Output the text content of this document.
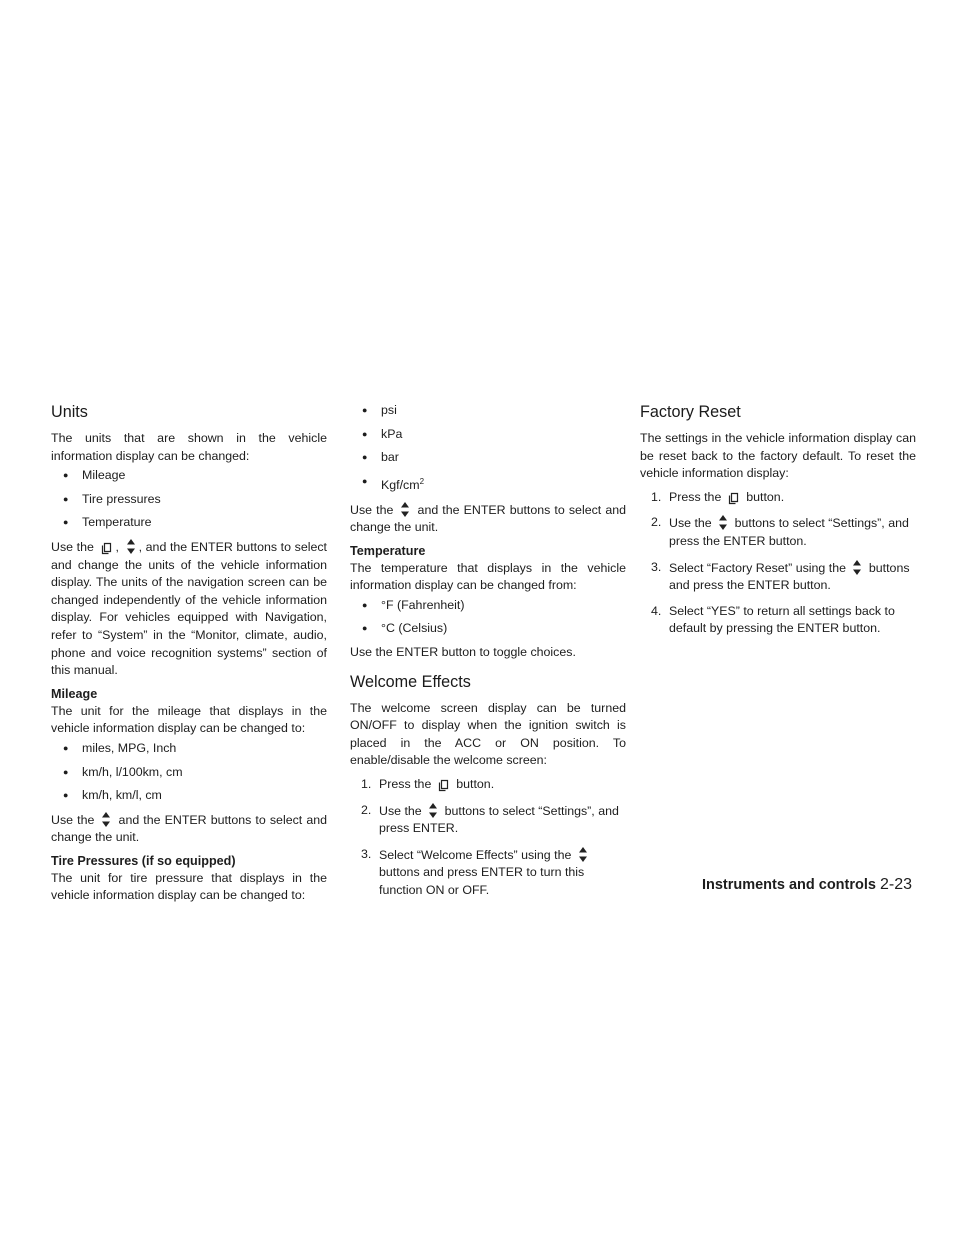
Units

The units that are shown in the vehicle information display can be changed:

● Mileage
● Tire pressures
● Temperature

Use the , , and the ENTER buttons to select and change the units of the vehicle information display. The units of the navigation screen can be changed independently of the vehicle information display. For vehicles equipped with Navigation, refer to “System” in the “Monitor, climate, audio, phone and voice recognition systems” section of this manual.

Mileage

The unit for the mileage that displays in the vehicle information display can be changed to:

● miles, MPG, Inch
● km/h, l/100km, cm
● km/h, km/l, cm

Use the and the ENTER buttons to select and change the unit.

Tire Pressures (if so equipped)

The unit for tire pressure that displays in the vehicle information display can be changed to:

● psi
● kPa
● bar
● Kgf/$cm^2$

Use the and the ENTER buttons to select and change the unit.

Temperature

The temperature that displays in the vehicle information display can be changed from:

● °F (Fahrenheit)
● °C (Celsius)

Use the ENTER button to toggle choices.

Welcome Effects

The welcome screen display can be turned ON/OFF to display when the ignition switch is placed in the ACC or ON position. To enable/disable the welcome screen:

1. Press the button.
2. Use the buttons to select “Settings”, and press ENTER.
3. Select “Welcome Effects” using the  buttons and press ENTER to turn this function ON or OFF.
Factory Reset

The settings in the vehicle information display can be reset back to the factory default. To reset the vehicle information display:

1. Press the button.
2. Use the buttons to select “Settings”, and press the ENTER button.
3. Select “Factory Reset” using the buttons and press the ENTER button.
4. Select “YES” to return all settings back to default by pressing the ENTER button.
Instruments and controls 2-23
